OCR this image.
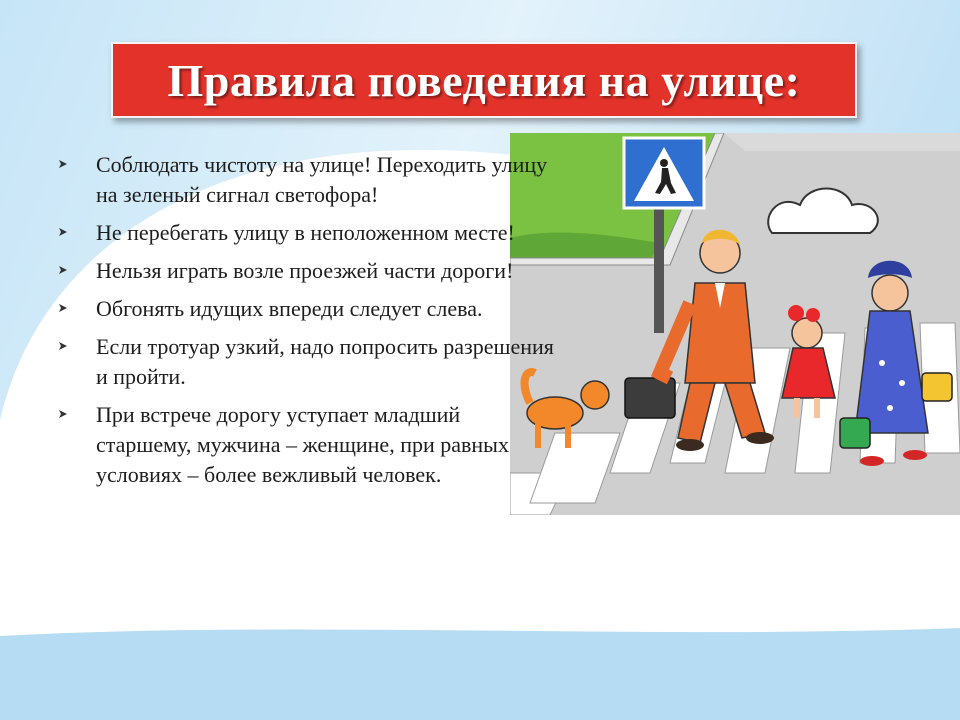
Правила поведения на улице:
Соблюдать чистоту на улице! Переходить улицу на зеленый сигнал светофора!
Не перебегать улицу в неположенном месте!
Нельзя играть возле проезжей части дороги!
Обгонять идущих впереди следует слева.
Если тротуар узкий, надо попросить разрешения и пройти.
При встрече дорогу уступает младший старшему, мужчина – женщине, при равных условиях – более вежливый человек.
